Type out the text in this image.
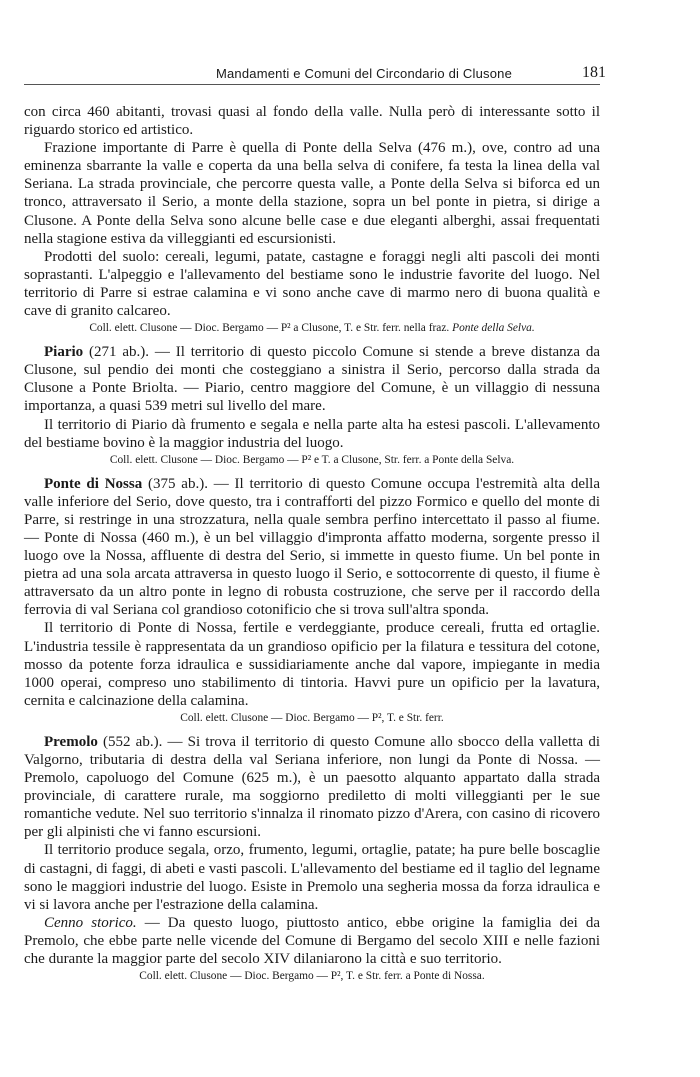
Mandamenti e Comuni del Circondario di Clusone	181

con circa 460 abitanti, trovasi quasi al fondo della valle. Nulla però di interessante sotto il riguardo storico ed artistico.

Frazione importante di Parre è quella di Ponte della Selva (476 m.), ove, contro ad una eminenza sbarrante la valle e coperta da una bella selva di conifere, fa testa la linea della val Seriana. La strada provinciale, che percorre questa valle, a Ponte della Selva si biforca ed un tronco, attraversato il Serio, a monte della stazione, sopra un bel ponte in pietra, si dirige a Clusone. A Ponte della Selva sono alcune belle case e due eleganti alberghi, assai frequentati nella stagione estiva da villeggianti ed escursionisti.

Prodotti del suolo: cereali, legumi, patate, castagne e foraggi negli alti pascoli dei monti soprastanti. L'alpeggio e l'allevamento del bestiame sono le industrie favorite del luogo. Nel territorio di Parre si estrae calamina e vi sono anche cave di marmo nero di buona qualità e cave di granito calcareo.

Coll. elett. Clusone — Dioc. Bergamo — P² a Clusone, T. e Str. ferr. nella fraz. Ponte della Selva.

Piario (271 ab.). — Il territorio di questo piccolo Comune si stende a breve distanza da Clusone, sul pendio dei monti che costeggiano a sinistra il Serio, percorso dalla strada da Clusone a Ponte Briolta. — Piario, centro maggiore del Comune, è un villaggio di nessuna importanza, a quasi 539 metri sul livello del mare.

Il territorio di Piario dà frumento e segala e nella parte alta ha estesi pascoli. L'allevamento del bestiame bovino è la maggior industria del luogo.

Coll. elett. Clusone — Dioc. Bergamo — P² e T. a Clusone, Str. ferr. a Ponte della Selva.

Ponte di Nossa (375 ab.). — Il territorio di questo Comune occupa l'estremità alta della valle inferiore del Serio, dove questo, tra i contrafforti del pizzo Formico e quello del monte di Parre, si restringe in una strozzatura, nella quale sembra perfino intercettato il passo al fiume. — Ponte di Nossa (460 m.), è un bel villaggio d'impronta affatto moderna, sorgente presso il luogo ove la Nossa, affluente di destra del Serio, si immette in questo fiume. Un bel ponte in pietra ad una sola arcata attraversa in questo luogo il Serio, e sottocorrente di questo, il fiume è attraversato da un altro ponte in legno di robusta costruzione, che serve per il raccordo della ferrovia di val Seriana col grandioso cotonificio che si trova sull'altra sponda.

Il territorio di Ponte di Nossa, fertile e verdeggiante, produce cereali, frutta ed ortaglie. L'industria tessile è rappresentata da un grandioso opificio per la filatura e tessitura del cotone, mosso da potente forza idraulica e sussidiariamente anche dal vapore, impiegante in media 1000 operai, compreso uno stabilimento di tintoria. Havvi pure un opificio per la lavatura, cernita e calcinazione della calamina.

Coll. elett. Clusone — Dioc. Bergamo — P², T. e Str. ferr.

Premolo (552 ab.). — Si trova il territorio di questo Comune allo sbocco della valletta di Valgorno, tributaria di destra della val Seriana inferiore, non lungi da Ponte di Nossa. — Premolo, capoluogo del Comune (625 m.), è un paesotto alquanto appartato dalla strada provinciale, di carattere rurale, ma soggiorno prediletto di molti villeggianti per le sue romantiche vedute. Nel suo territorio s'innalza il rinomato pizzo d'Arera, con casino di ricovero per gli alpinisti che vi fanno escursioni.

Il territorio produce segala, orzo, frumento, legumi, ortaglie, patate; ha pure belle boscaglie di castagni, di faggi, di abeti e vasti pascoli. L'allevamento del bestiame ed il taglio del legname sono le maggiori industrie del luogo. Esiste in Premolo una segheria mossa da forza idraulica e vi si lavora anche per l'estrazione della calamina.

Cenno storico. — Da questo luogo, piuttosto antico, ebbe origine la famiglia dei da Premolo, che ebbe parte nelle vicende del Comune di Bergamo del secolo XIII e nelle fazioni che durante la maggior parte del secolo XIV dilaniarono la città e suo territorio.

Coll. elett. Clusone — Dioc. Bergamo — P², T. e Str. ferr. a Ponte di Nossa.
